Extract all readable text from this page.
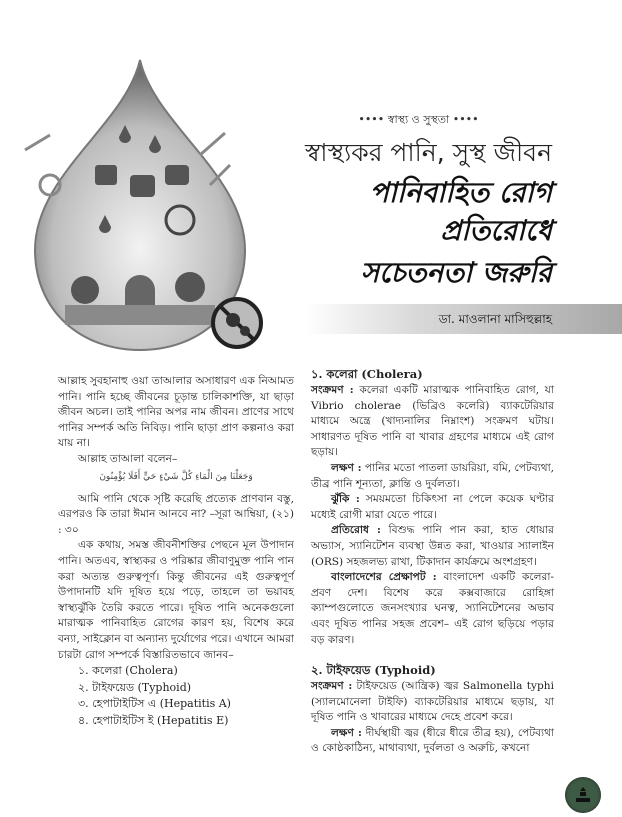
•••• স্বাস্থ্য ও সুস্থতা ••••
স্বাস্থ্যকর পানি, সুস্থ জীবন
পানিবাহিত রোগ প্রতিরোধে
সচেতনতা জরুরি
ডা. মাওলানা মাসিহুল্লাহ

আল্লাহ সুবহানাহু ওয়া তাআলার অসাধারণ এক নিআমত পানি। পানি হচ্ছে জীবনের চূড়ান্ত চালিকাশক্তি, যা ছাড়া জীবন অচল। তাই পানির অপর নাম জীবন। প্রাণের সাথে পানির সম্পর্ক অতি নিবিড়। পানি ছাড়া প্রাণ কল্পনাও করা যায় না।

আল্লাহ তাআলা বলেন–

وَجَعَلْنَا مِنَ الْمَاءِ كُلَّ شَيْءٍ حَيٍّ أَفَلَا يُؤْمِنُونَ

আমি পানি থেকে সৃষ্টি করেছি প্রত্যেক প্রাণবান বস্তু, এরপরও কি তারা ঈমান আনবে না? –সূরা আম্বিয়া, (২১) : ৩০

এক কথায়, সমস্ত জীবনীশক্তির পেছনে মূল উপাদান পানি। অতএব, স্বাস্থ্যকর ও পরিষ্কার জীবাণুমুক্ত পানি পান করা অত্যন্ত গুরুত্বপূর্ণ। কিন্তু জীবনের এই গুরুত্বপূর্ণ উপাদানটি যদি দূষিত হয়ে পড়ে, তাহলে তা ভয়াবহ স্বাস্থ্যঝুঁকি তৈরি করতে পারে। দূষিত পানি অনেকগুলো মারাত্মক পানিবাহিত রোগের কারণ হয়, বিশেষ করে বন্যা, সাইক্লোন বা অন্যান্য দুর্যোগের পরে। এখানে আমরা চারটা রোগ সম্পর্কে বিস্তারিতভাবে জানব–

১. কলেরা (Cholera)
২. টাইফয়েড (Typhoid)
৩. হেপাটাইটিস এ (Hepatitis A)
৪. হেপাটাইটিস ই (Hepatitis E)
১. কলেরা (Cholera)

সংক্রমণ : কলেরা একটি মারাত্মক পানিবাহিত রোগ, যা Vibrio cholerae (ভিব্রিও কলেরি) ব্যাকটেরিয়ার মাধ্যমে অন্ত্রে (খাদ্যনালির নিম্নাংশ) সংক্রমণ ঘটায়। সাধারণত দূষিত পানি বা খাবার গ্রহণের মাধ্যমে এই রোগ ছড়ায়।

লক্ষণ : পানির মতো পাতলা ডায়রিয়া, বমি, পেটব্যথা, তীব্র পানি শূন্যতা, ক্লান্তি ও দুর্বলতা।

ঝুঁকি : সময়মতো চিকিৎসা না পেলে কয়েক ঘণ্টার মধ্যেই রোগী মারা যেতে পারে।

প্রতিরোধ : বিশুদ্ধ পানি পান করা, হাত ধোয়ার অভ্যাস, স্যানিটেশন ব্যবস্থা উন্নত করা, খাওয়ার স্যালাইন (ORS) সহজলভ্য রাখা, টিকাদান কার্যক্রমে অংশগ্রহণ।

বাংলাদেশের প্রেক্ষাপট : বাংলাদেশ একটি কলেরা-প্রবণ দেশ। বিশেষ করে কক্সবাজারে রোহিঙ্গা ক্যাম্পগুলোতে জনসংখ্যার ঘনত্ব, স্যানিটেশনের অভাব এবং দূষিত পানির সহজ প্রবেশ– এই রোগ ছড়িয়ে পড়ার বড় কারণ।

২. টাইফয়েড (Typhoid)

সংক্রমণ : টাইফয়েড (আন্ত্রিক) জ্বর Salmonella typhi (স্যালমোনেলা টাইফি) ব্যাকটেরিয়ার মাধ্যমে ছড়ায়, যা দূষিত পানি ও খাবারের মাধ্যমে দেহে প্রবেশ করে।

লক্ষণ : দীর্ঘস্থায়ী জ্বর (ধীরে ধীরে তীব্র হয়), পেটব্যথা ও কোষ্ঠকাঠিন্য, মাথাব্যথা, দুর্বলতা ও অরুচি, কখনো
